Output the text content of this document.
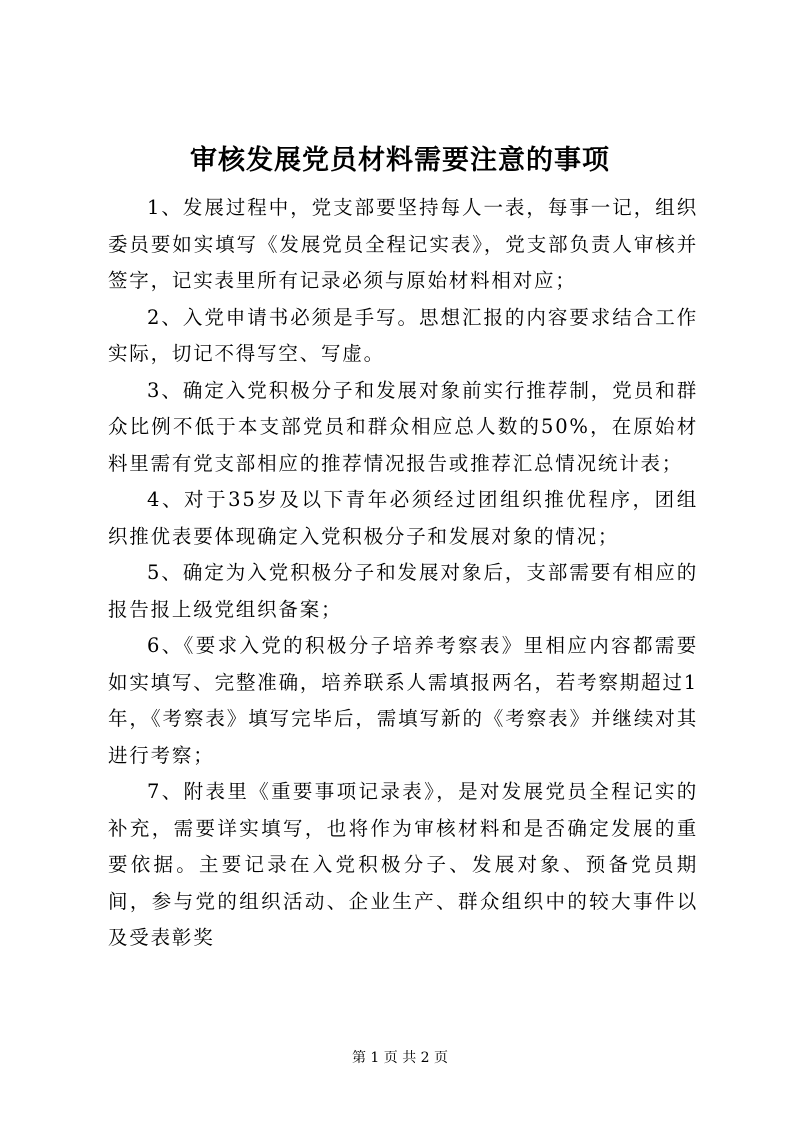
审核发展党员材料需要注意的事项

1、发展过程中，党支部要坚持每人一表，每事一记，组织委员要如实填写《发展党员全程记实表》，党支部负责人审核并签字，记实表里所有记录必须与原始材料相对应；

2、入党申请书必须是手写。思想汇报的内容要求结合工作实际，切记不得写空、写虚。

3、确定入党积极分子和发展对象前实行推荐制，党员和群众比例不低于本支部党员和群众相应总人数的50%，在原始材料里需有党支部相应的推荐情况报告或推荐汇总情况统计表；

4、对于35岁及以下青年必须经过团组织推优程序，团组织推优表要体现确定入党积极分子和发展对象的情况；

5、确定为入党积极分子和发展对象后，支部需要有相应的报告报上级党组织备案；

6、《要求入党的积极分子培养考察表》里相应内容都需要如实填写、完整准确，培养联系人需填报两名，若考察期超过1年，《考察表》填写完毕后，需填写新的《考察表》并继续对其进行考察；

7、附表里《重要事项记录表》，是对发展党员全程记实的补充，需要详实填写，也将作为审核材料和是否确定发展的重要依据。主要记录在入党积极分子、发展对象、预备党员期间，参与党的组织活动、企业生产、群众组织中的较大事件以及受表彰奖

第 1 页 共 2 页
